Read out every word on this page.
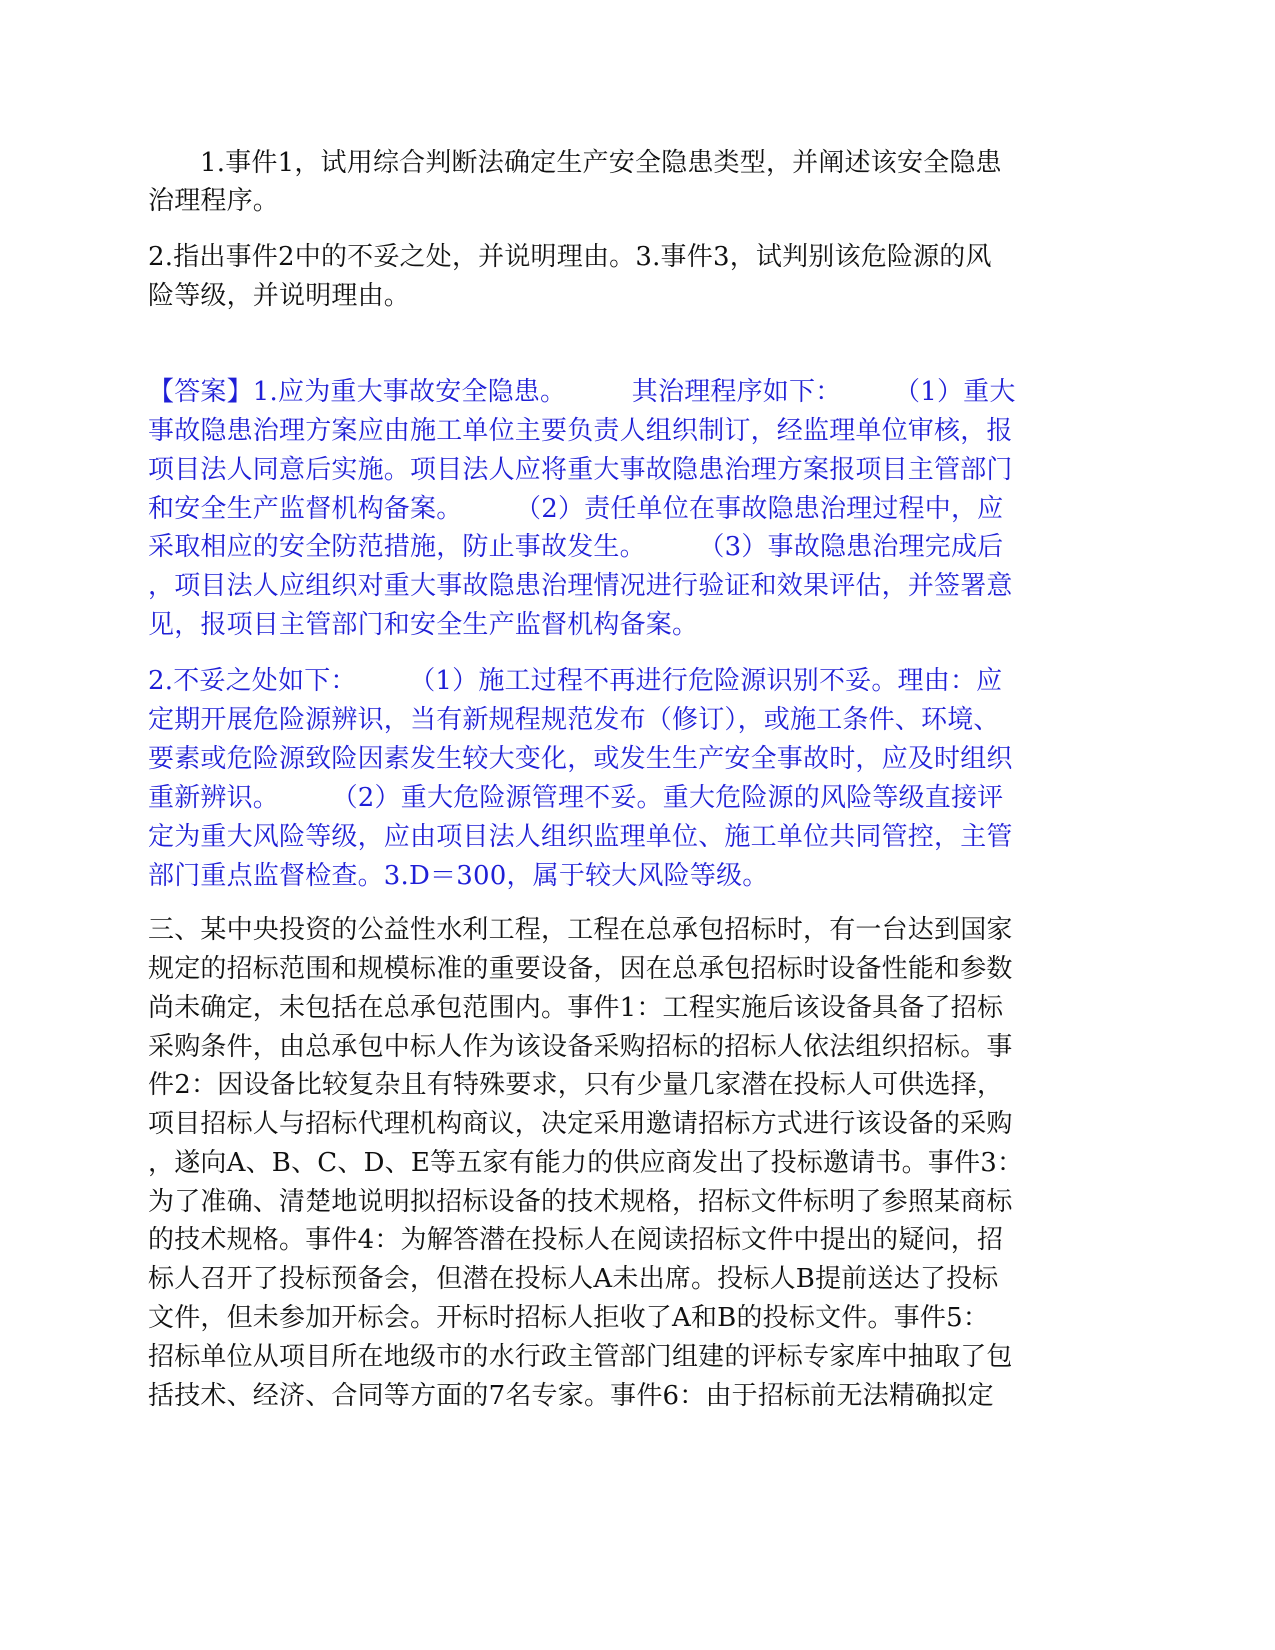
1.事件1，试用综合判断法确定生产安全隐患类型，并阐述该安全隐患
治理程序。
2.指出事件2中的不妥之处，并说明理由。3.事件3，试判别该危险源的风
险等级，并说明理由。
【答案】1.应为重大事故安全隐患。　　　其治理程序如下：　　　（1）重大
事故隐患治理方案应由施工单位主要负责人组织制订，经监理单位审核，报
项目法人同意后实施。项目法人应将重大事故隐患治理方案报项目主管部门
和安全生产监督机构备案。　　　（2）责任单位在事故隐患治理过程中，应
采取相应的安全防范措施，防止事故发生。　　　（3）事故隐患治理完成后
，项目法人应组织对重大事故隐患治理情况进行验证和效果评估，并签署意
见，报项目主管部门和安全生产监督机构备案。
2.不妥之处如下：　　　（1）施工过程不再进行危险源识别不妥。理由：应
定期开展危险源辨识，当有新规程规范发布（修订），或施工条件、环境、
要素或危险源致险因素发生较大变化，或发生生产安全事故时，应及时组织
重新辨识。　　　（2）重大危险源管理不妥。重大危险源的风险等级直接评
定为重大风险等级，应由项目法人组织监理单位、施工单位共同管控，主管
部门重点监督检查。3.D＝300，属于较大风险等级。
三、某中央投资的公益性水利工程，工程在总承包招标时，有一台达到国家
规定的招标范围和规模标准的重要设备，因在总承包招标时设备性能和参数
尚未确定，未包括在总承包范围内。事件1：工程实施后该设备具备了招标
采购条件，由总承包中标人作为该设备采购招标的招标人依法组织招标。事
件2：因设备比较复杂且有特殊要求，只有少量几家潜在投标人可供选择，
项目招标人与招标代理机构商议，决定采用邀请招标方式进行该设备的采购
，遂向A、B、C、D、E等五家有能力的供应商发出了投标邀请书。事件3：
为了准确、清楚地说明拟招标设备的技术规格，招标文件标明了参照某商标
的技术规格。事件4：为解答潜在投标人在阅读招标文件中提出的疑问，招
标人召开了投标预备会，但潜在投标人A未出席。投标人B提前送达了投标
文件，但未参加开标会。开标时招标人拒收了A和B的投标文件。事件5：
招标单位从项目所在地级市的水行政主管部门组建的评标专家库中抽取了包
括技术、经济、合同等方面的7名专家。事件6：由于招标前无法精确拟定
